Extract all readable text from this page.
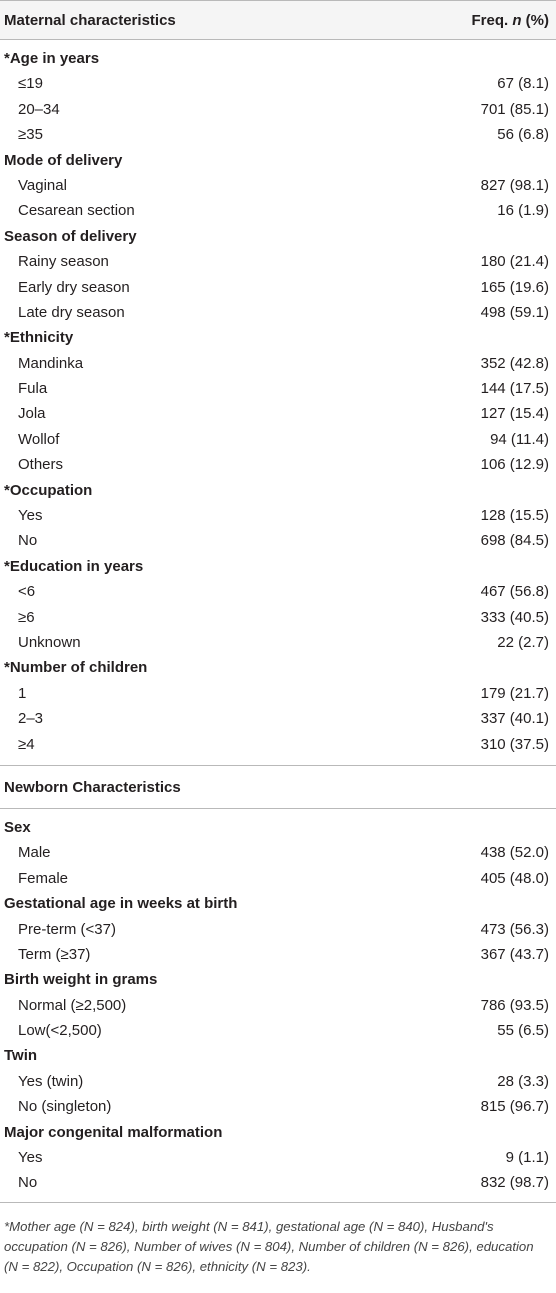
Maternal characteristics	Freq. n (%)
*Age in years
≤19	67 (8.1)
20–34	701 (85.1)
≥35	56 (6.8)
Mode of delivery
Vaginal	827 (98.1)
Cesarean section	16 (1.9)
Season of delivery
Rainy season	180 (21.4)
Early dry season	165 (19.6)
Late dry season	498 (59.1)
*Ethnicity
Mandinka	352 (42.8)
Fula	144 (17.5)
Jola	127 (15.4)
Wollof	94 (11.4)
Others	106 (12.9)
*Occupation
Yes	128 (15.5)
No	698 (84.5)
*Education in years
<6	467 (56.8)
≥6	333 (40.5)
Unknown	22 (2.7)
*Number of children
1	179 (21.7)
2–3	337 (40.1)
≥4	310 (37.5)
Newborn Characteristics
Sex
Male	438 (52.0)
Female	405 (48.0)
Gestational age in weeks at birth
Pre-term (<37)	473 (56.3)
Term (≥37)	367 (43.7)
Birth weight in grams
Normal (≥2,500)	786 (93.5)
Low(<2,500)	55 (6.5)
Twin
Yes (twin)	28 (3.3)
No (singleton)	815 (96.7)
Major congenital malformation
Yes	9 (1.1)
No	832 (98.7)

*Mother age (N = 824), birth weight (N = 841), gestational age (N = 840), Husband's occupation (N = 826), Number of wives (N = 804), Number of children (N = 826), education (N = 822), Occupation (N = 826), ethnicity (N = 823).
